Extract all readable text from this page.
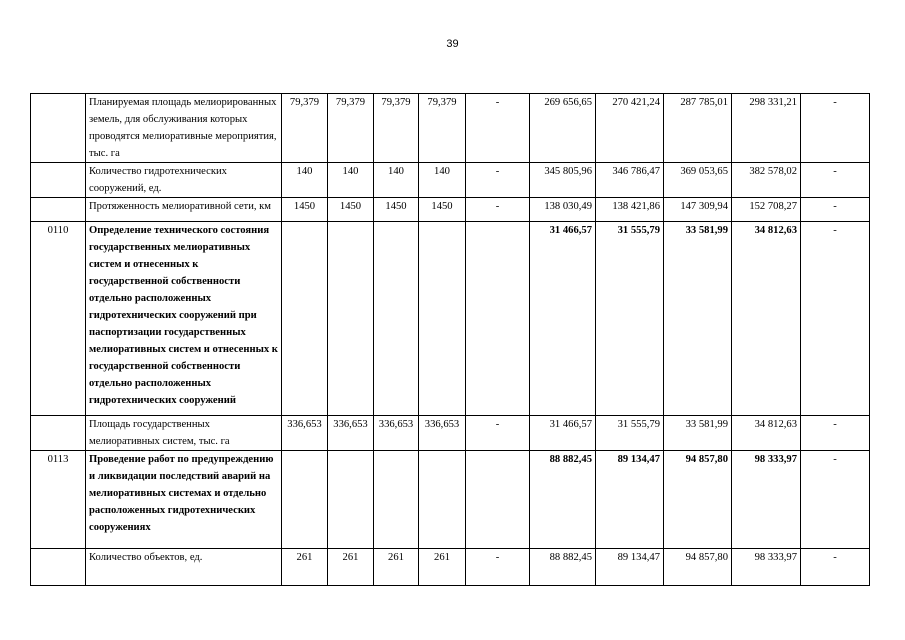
39
	Планируемая площадь мелиорированных земель, для обслуживания которых проводятся мелиоративные мероприятия, тыс. га	79,379	79,379	79,379	79,379	-	269 656,65	270 421,24	287 785,01	298 331,21	-
	Количество гидротехнических сооружений, ед.	140	140	140	140	-	345 805,96	346 786,47	369 053,65	382 578,02	-
	Протяженность мелиоративной сети, км	1450	1450	1450	1450	-	138 030,49	138 421,86	147 309,94	152 708,27	-
0110	Определение технического состояния государственных мелиоративных систем и отнесенных к государственной собственности отдельно расположенных гидротехнических сооружений при паспортизации государственных мелиоративных систем и отнесенных к государственной собственности отдельно расположенных гидротехнических сооружений						31 466,57	31 555,79	33 581,99	34 812,63	-
	Площадь государственных мелиоративных систем, тыс. га	336,653	336,653	336,653	336,653	-	31 466,57	31 555,79	33 581,99	34 812,63	-
0113	Проведение работ по предупреждению и ликвидации последствий аварий на мелиоративных системах и отдельно расположенных гидротехнических сооружениях						88 882,45	89 134,47	94 857,80	98 333,97	-
	Количество объектов, ед.	261	261	261	261	-	88 882,45	89 134,47	94 857,80	98 333,97	-
